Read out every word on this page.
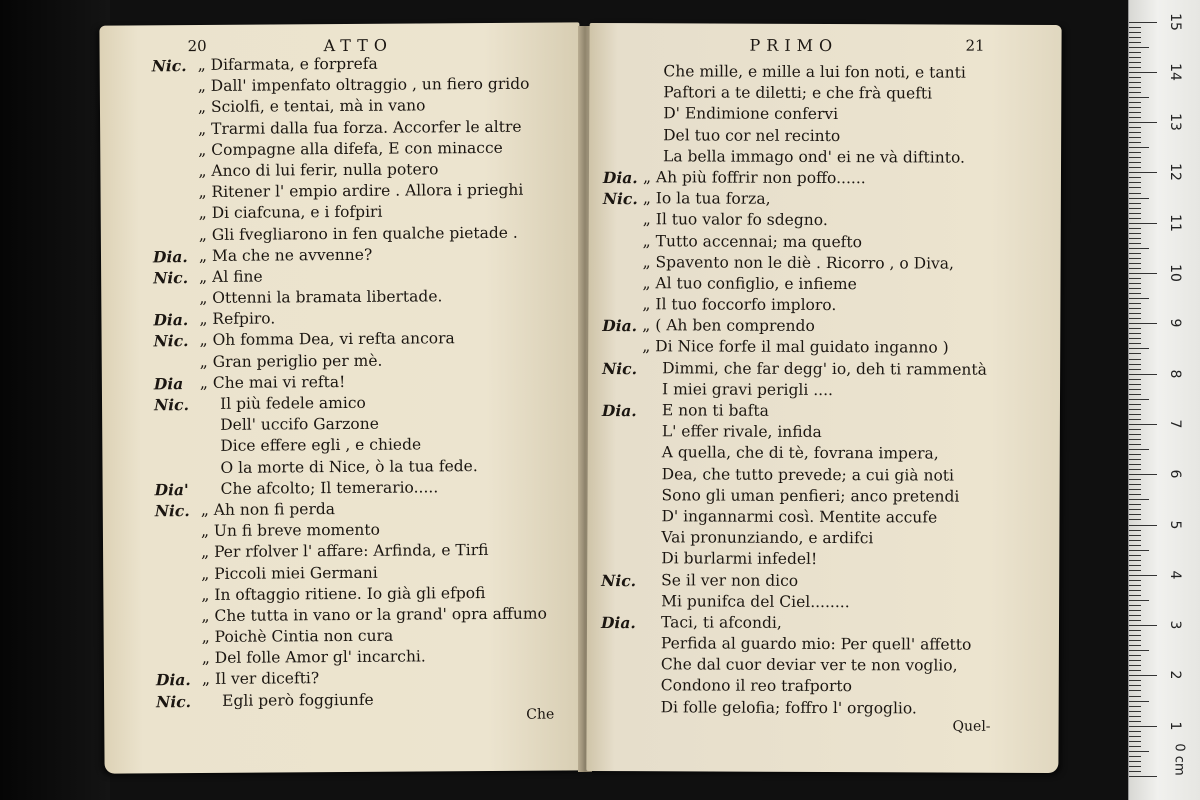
20	ATTO
Nic. „ Difarmata, e forprefa
„ Dall' impenfato oltraggio , un fiero grido
„ Sciolfi, e tentai, mà in vano
„ Trarmi dalla fua forza. Accorfer le altre
„ Compagne alla difefa, E con minacce
„ Anco di lui ferir, nulla potero
„ Ritener l' empio ardire . Allora i prieghi
„ Di ciafcuna, e i fofpiri
„ Gli fvegliarono in fen qualche pietade .
Dia. „ Ma che ne avvenne?
Nic. „ Al fine
„ Ottenni la bramata libertade.
Dia. „ Refpiro.
Nic. „ Oh fomma Dea, vi refta ancora
„ Gran periglio per mè.
Dia „ Che mai vi refta!
Nic. Il più fedele amico
Dell' uccifo Garzone
Dice effere egli , e chiede
O la morte di Nice, ò la tua fede.
Dia' Che afcolto; Il temerario.....
Nic. „ Ah non fi perda
„ Un fi breve momento
„ Per rfolver l' affare: Arfinda, e Tirfi
„ Piccoli miei Germani
„ In oftaggio ritiene. Io già gli efpofi
„ Che tutta in vano or la grand' opra affumo
„ Poichè Cintia non cura
„ Del folle Amor gl' incarchi.
Dia. „ Il ver dicefti?
Nic. Egli però foggiunfe
Che
PRIMO	21
Che mille, e mille a lui fon noti, e tanti
Paftori a te diletti; e che frà quefti
D' Endimione confervi
Del tuo cor nel recinto
La bella immago ond' ei ne và diftinto.
Dia. „ Ah più foffrir non poffo......
Nic. „ Io la tua forza,
„ Il tuo valor fo sdegno.
„ Tutto accennai; ma quefto
„ Spavento non le diè . Ricorro , o Diva,
„ Al tuo configlio, e infieme
„ Il tuo foccorfo imploro.
Dia. „ ( Ah ben comprendo
„ Di Nice forfe il mal guidato inganno )
Nic. Dimmi, che far degg' io, deh ti rammentà
I miei gravi perigli ....
Dia. E non ti bafta
L' effer rivale, infida
A quella, che di tè, fovrana impera,
Dea, che tutto prevede; a cui già noti
Sono gli uman penfieri; anco pretendi
D' ingannarmi così. Mentite accufe
Vai pronunziando, e ardifci
Di burlarmi infedel!
Nic. Se il ver non dico
Mi punifca del Ciel........
Dia. Taci, ti afcondi,
Perfida al guardo mio: Per quell' affetto
Che dal cuor deviar ver te non voglio,
Condono il reo trafporto
Di folle gelofia; foffro l' orgoglio.
Quel-
0 cm
15
14
13
12
11
10
9
8
7
6
5
4
3
2
1
